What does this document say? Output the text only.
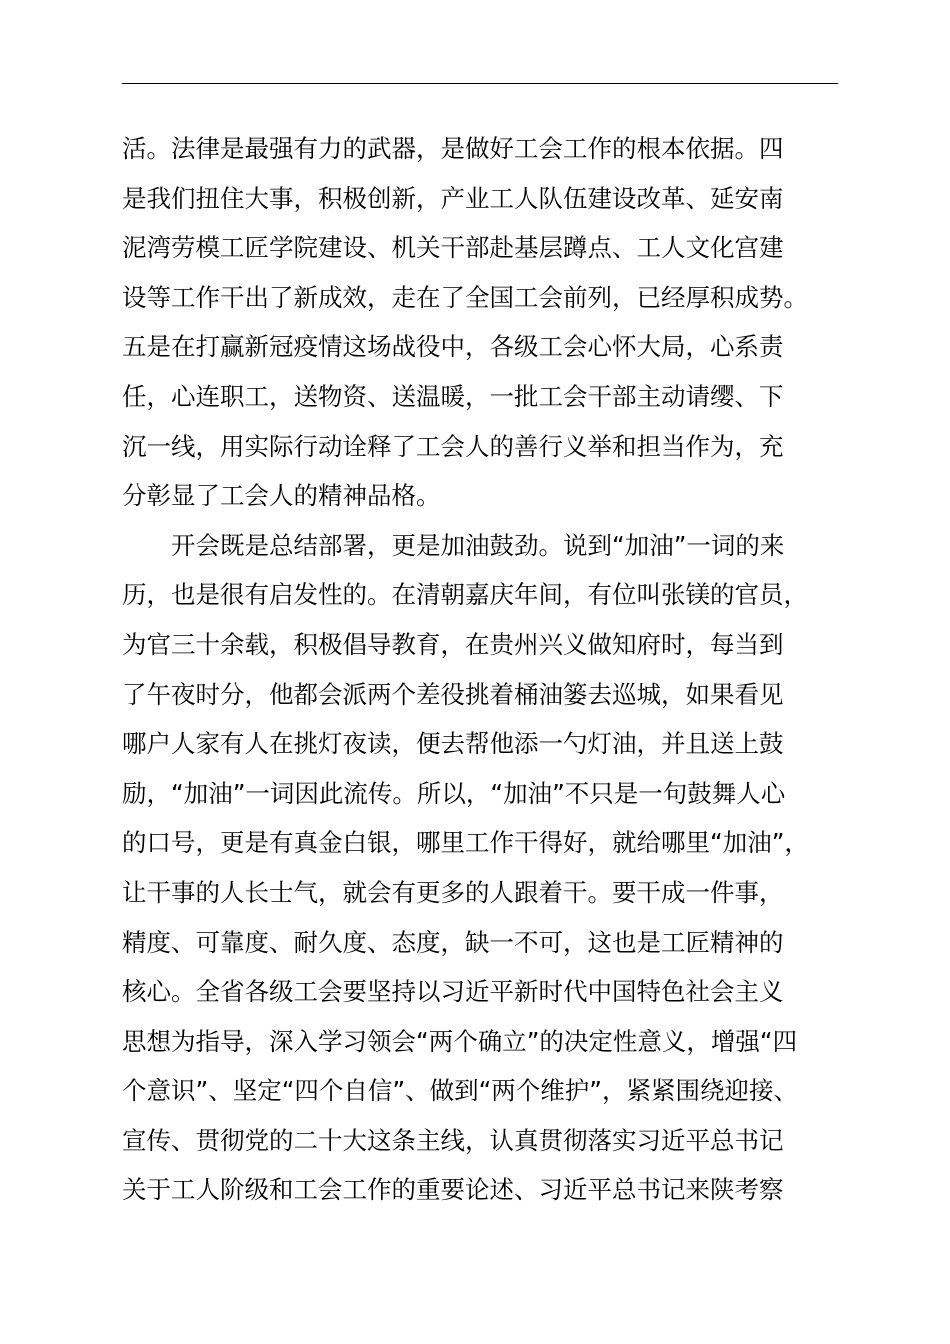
活。法律是最强有力的武器，是做好工会工作的根本依据。四
是我们扭住大事，积极创新，产业工人队伍建设改革、延安南
泥湾劳模工匠学院建设、机关干部赴基层蹲点、工人文化宫建
设等工作干出了新成效，走在了全国工会前列，已经厚积成势。
五是在打赢新冠疫情这场战役中，各级工会心怀大局，心系责
任，心连职工，送物资、送温暖，一批工会干部主动请缨、下
沉一线，用实际行动诠释了工会人的善行义举和担当作为，充
分彰显了工会人的精神品格。
开会既是总结部署，更是加油鼓劲。说到“加油”一词的来
历，也是很有启发性的。在清朝嘉庆年间，有位叫张镁的官员，
为官三十余载，积极倡导教育，在贵州兴义做知府时，每当到
了午夜时分，他都会派两个差役挑着桶油篓去巡城，如果看见
哪户人家有人在挑灯夜读，便去帮他添一勺灯油，并且送上鼓
励，“加油”一词因此流传。所以，“加油”不只是一句鼓舞人心
的口号，更是有真金白银，哪里工作干得好，就给哪里“加油”，
让干事的人长士气，就会有更多的人跟着干。要干成一件事，
精度、可靠度、耐久度、态度，缺一不可，这也是工匠精神的
核心。全省各级工会要坚持以习近平新时代中国特色社会主义
思想为指导，深入学习领会“两个确立”的决定性意义，增强“四
个意识”、坚定“四个自信”、做到“两个维护”，紧紧围绕迎接、
宣传、贯彻党的二十大这条主线，认真贯彻落实习近平总书记
关于工人阶级和工会工作的重要论述、习近平总书记来陕考察
